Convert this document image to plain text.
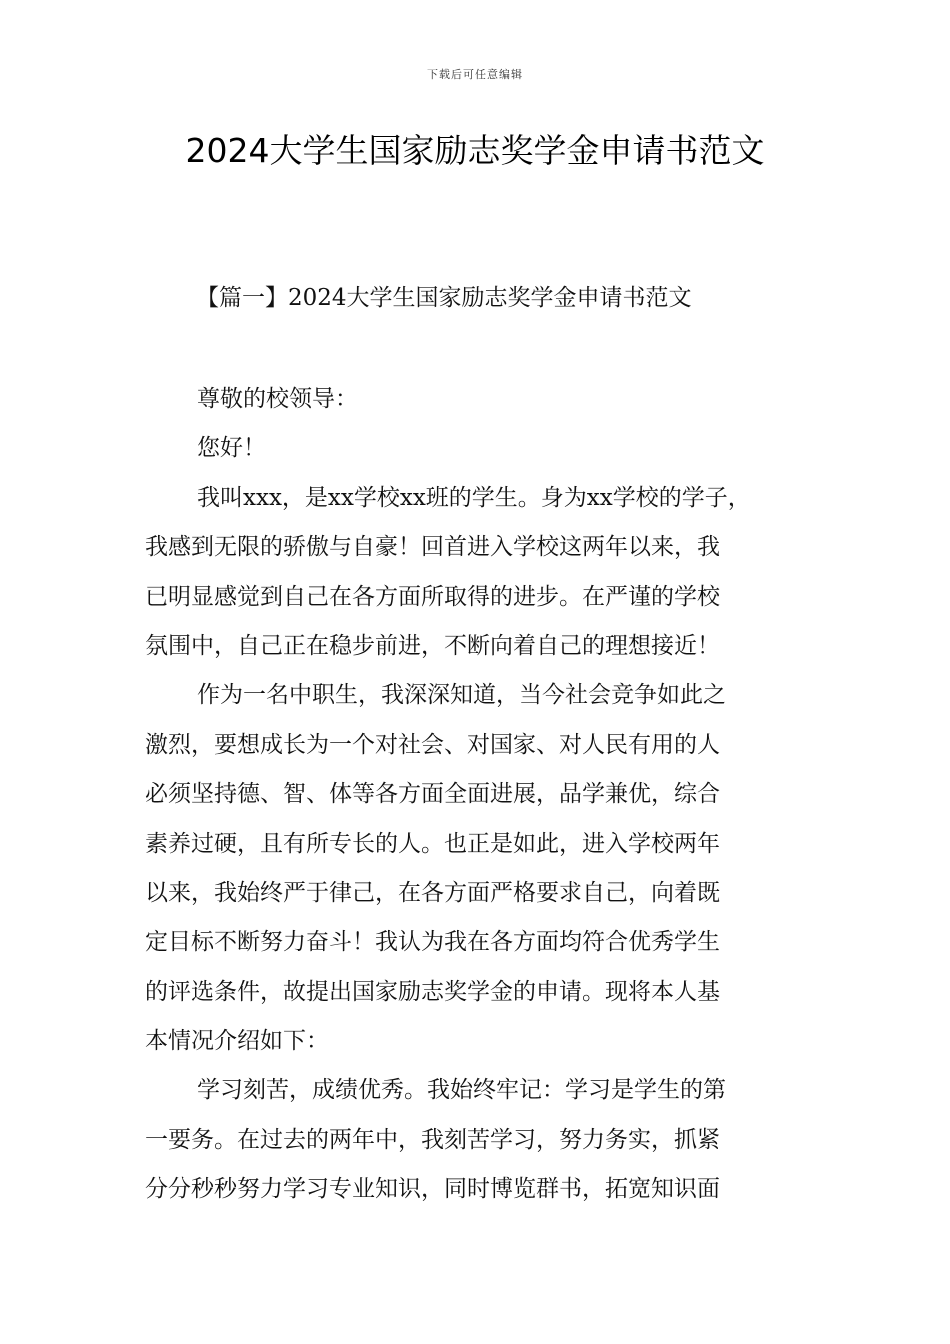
下载后可任意编辑
2024大学生国家励志奖学金申请书范文
【篇一】2024大学生国家励志奖学金申请书范文
尊敬的校领导：
您好！
我叫xxx，是xx学校xx班的学生。身为xx学校的学子，
我感到无限的骄傲与自豪！回首进入学校这两年以来，我
已明显感觉到自己在各方面所取得的进步。在严谨的学校
氛围中，自己正在稳步前进，不断向着自己的理想接近！
作为一名中职生，我深深知道，当今社会竞争如此之
激烈，要想成长为一个对社会、对国家、对人民有用的人
必须坚持德、智、体等各方面全面进展，品学兼优，综合
素养过硬，且有所专长的人。也正是如此，进入学校两年
以来，我始终严于律己，在各方面严格要求自己，向着既
定目标不断努力奋斗！我认为我在各方面均符合优秀学生
的评选条件，故提出国家励志奖学金的申请。现将本人基
本情况介绍如下：
学习刻苦，成绩优秀。我始终牢记：学习是学生的第
一要务。在过去的两年中，我刻苦学习，努力务实，抓紧
分分秒秒努力学习专业知识，同时博览群书，拓宽知识面
